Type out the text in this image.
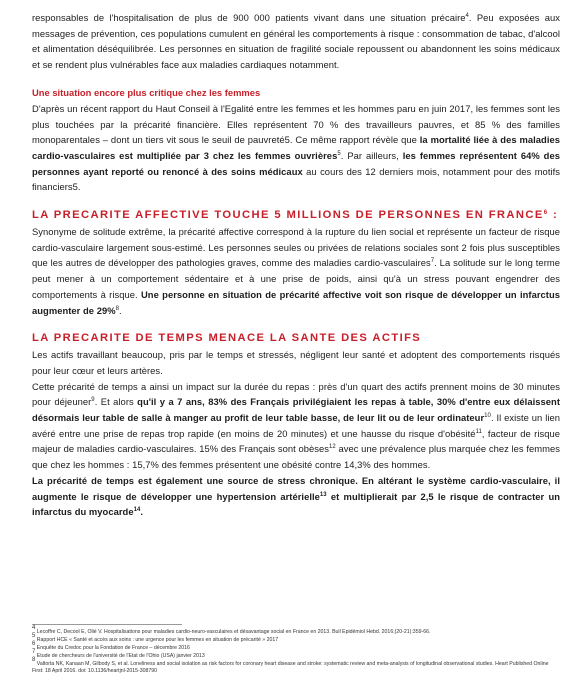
responsables de l'hospitalisation de plus de 900 000 patients vivant dans une situation précaire$^4$. Peu exposées aux messages de prévention, ces populations cumulent en général les comportements à risque : consommation de tabac, d'alcool et alimentation déséquilibrée. Les personnes en situation de fragilité sociale repoussent ou abandonnent les soins médicaux et se rendent plus vulnérables face aux maladies cardiaques notamment.

Une situation encore plus critique chez les femmes

D'après un récent rapport du Haut Conseil à l'Egalité entre les femmes et les hommes paru en juin 2017, les femmes sont les plus touchées par la précarité financière. Elles représentent 70 % des travailleurs pauvres, et 85 % des familles monoparentales – dont un tiers vit sous le seuil de pauvreté5. Ce même rapport révèle que la mortalité liée à des maladies cardio-vasculaires est multipliée par 3 chez les femmes ouvrières$^5$. Par ailleurs, les femmes représentent 64% des personnes ayant reporté ou renoncé à des soins médicaux au cours des 12 derniers mois, notamment pour des motifs financiers5.

LA PRECARITE AFFECTIVE TOUCHE 5 MILLIONS DE PERSONNES EN FRANCE$^6$ :

Synonyme de solitude extrême, la précarité affective correspond à la rupture du lien social et représente un facteur de risque cardio-vasculaire largement sous-estimé. Les personnes seules ou privées de relations sociales sont 2 fois plus susceptibles que les autres de développer des pathologies graves, comme des maladies cardio-vasculaires$^7$. La solitude sur le long terme peut mener à un comportement sédentaire et à une prise de poids, ainsi qu'à un stress pouvant engendrer des comportements à risque. Une personne en situation de précarité affective voit son risque de développer un infarctus augmenter de 29%$^8$.

LA PRECARITE DE TEMPS MENACE LA SANTE DES ACTIFS

Les actifs travaillant beaucoup, pris par le temps et stressés, négligent leur santé et adoptent des comportements risqués pour leur cœur et leurs artères.

Cette précarité de temps a ainsi un impact sur la durée du repas : près d'un quart des actifs prennent moins de 30 minutes pour déjeuner$^9$. Et alors qu'il y a 7 ans, 83% des Français privilégiaient les repas à table, 30% d'entre eux délaissent désormais leur table de salle à manger au profit de leur table basse, de leur lit ou de leur ordinateur$^{10}$. Il existe un lien avéré entre une prise de repas trop rapide (en moins de 20 minutes) et une hausse du risque d'obésité$^{11}$, facteur de risque majeur de maladies cardio-vasculaires. 15% des Français sont obèses$^{12}$ avec une prévalence plus marquée chez les femmes que chez les hommes : 15,7% des femmes présentent une obésité contre 14,3% des hommes.

La précarité de temps est également une source de stress chronique. En altérant le système cardio-vasculaire, il augmente le risque de développer une hypertension artérielle$^{13}$ et multiplierait par 2,5 le risque de contracter un infarctus du myocarde$^{14}$.

$^4$ Lecoffre C, Decool E, Olié V. Hospitalisations pour maladies cardio-neuro-vasculaires et désavantage social en France en 2013. Bull Epidémiol Hebd. 2016;(20-21):359-66.

$^5$ Rapport HCE « Santé et accès aux soins : une urgence pour les femmes en situation de précarité » 2017

$^6$ Enquête du Credoc pour la Fondation de France – décembre 2016

$^7$ Etude de chercheurs de l'université de l'Etat de l'Ohio (USA) janvier 2013

$^8$ Valtorta NK, Kanaan M, Gilbody S, et al. Loneliness and social isolation as risk factors for coronary heart disease and stroke: systematic review and meta-analysis of longitudinal observational studies. Heart Published Online First: 18 April 2016. doi: 10.1136/heartjnl-2015-308790
